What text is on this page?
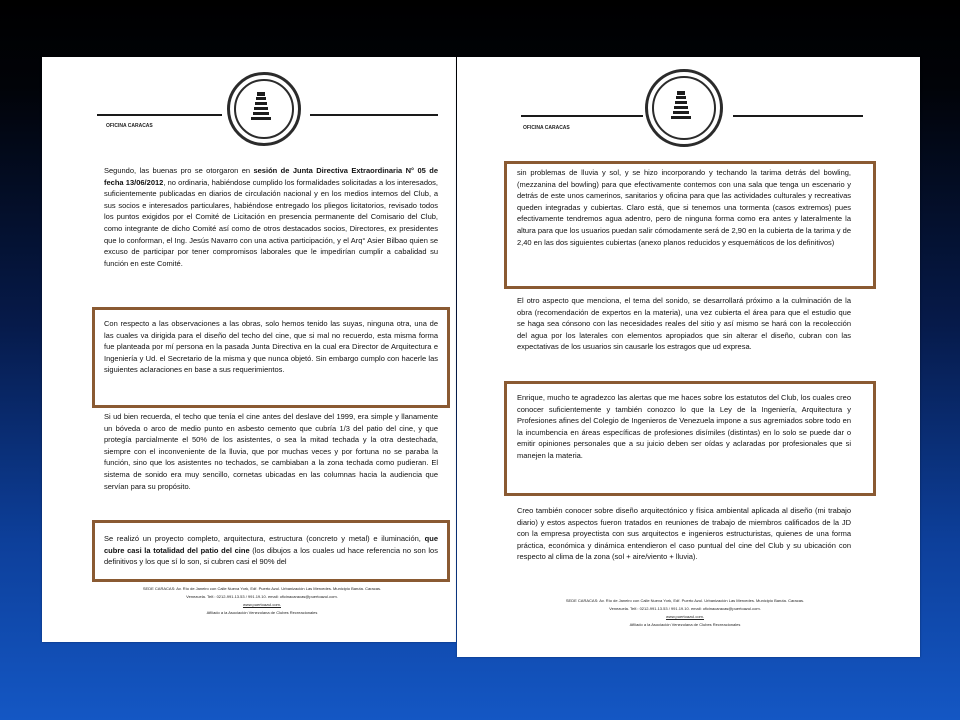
OFICINA CARACAS

Segundo, las buenas pro se otorgaron en sesión de Junta Directiva Extraordinaria N° 05 de fecha 13/06/2012, no ordinaria, habiéndose cumplido los formalidades solicitadas a los interesados, suficientemente publicadas en diarios de circulación nacional y en los medios internos del Club, a sus socios e interesados particulares, habiéndose entregado los pliegos licitatorios, revisado todos los puntos exigidos por el Comité de Licitación en presencia permanente del Comisario del Club, como integrante de dicho Comité así como de otros destacados socios, Directores, ex presidentes que lo conforman, el Ing. Jesús Navarro con una activa participación, y el Arq° Asier Bilbao quien se excuso de participar por tener compromisos laborales que le impedirían cumplir a cabalidad su función en este Comité.

Con respecto a las observaciones a las obras, solo hemos tenido las suyas, ninguna otra, una de las cuales va dirigida para el diseño del techo del cine, que si mal no recuerdo, esta misma forma fue planteada por mí persona en la pasada Junta Directiva en la cual era Director de Arquitectura e Ingeniería y Ud. el Secretario de la misma y que nunca objetó. Sin embargo cumplo con hacerle las siguientes aclaraciones en base a sus requerimientos.

Si ud bien recuerda, el techo que tenía el cine antes del deslave del 1999, era simple y llanamente un bóveda o arco de medio punto en asbesto cemento que cubría 1/3 del patio del cine, y que protegía parcialmente el 50% de los asistentes, o sea la mitad techada y la otra destechada, siempre con el inconveniente de la lluvia, que por muchas veces y por fortuna no se paraba la función, sino que los asistentes no techados, se cambiaban a la zona techada como pudieran. El sistema de sonido era muy sencillo, cornetas ubicadas en las columnas hacia la audiencia que servían para su propósito.

Se realizó un proyecto completo, arquitectura, estructura (concreto y metal) e iluminación, que cubre casi la totalidad del patio del cine (los dibujos a los cuales ud hace referencia no son los definitivos y los que sí lo son, si cubren casi el 90% del

SEDE CARACAS: Av. Río de Janeiro con Calle Nueva York, Edf. Puerto Azul. Urbanización Las Mercedes. Municipio Baruta. Caracas.
Venezuela. Telf.: 0212-991.13.53 / 991.19.10. email: oficinacaracas@puertoazul.com.
www.puertoazul.com.
Afiliado a la Asociación Venezolana de Clubes Recreacionales
OFICINA CARACAS

sin problemas de lluvia y sol, y se hizo incorporando y techando la tarima detrás del bowling, (mezzanina del bowling) para que efectivamente contemos con una sala que tenga un escenario y detrás de este unos camerinos, sanitarios y oficina para que las actividades culturales y recreativas queden integradas y cubiertas. Claro está, que si tenemos una tormenta (casos extremos) pues efectivamente tendremos agua adentro, pero de ninguna forma como era antes y lateralmente la altura para que los usuarios puedan salir cómodamente será de 2,90 en la cubierta de la tarima y de 2,40 en las dos siguientes cubiertas (anexo planos reducidos y esquemáticos de los definitivos)

El otro aspecto que menciona, el tema del sonido, se desarrollará próximo a la culminación de la obra (recomendación de expertos en la materia), una vez cubierta el área para que el estudio que se haga sea cónsono con las necesidades reales del sitio y así mismo se hará con la recolección del agua por los laterales con elementos apropiados que sin alterar el diseño, cubran con las expectativas de los usuarios sin causarle los estragos que ud expresa.

Enrique, mucho te agradezco las alertas que me haces sobre los estatutos del Club, los cuales creo conocer suficientemente y también conozco lo que la Ley de la Ingeniería, Arquitectura y Profesiones afines del Colegio de Ingenieros de Venezuela impone a sus agremiados sobre todo en la incumbencia en áreas específicas de profesiones disímiles (distintas) en lo solo se puede dar o emitir opiniones personales que a su juicio deben ser oídas y aclaradas por profesionales que si manejen la materia.

Creo también conocer sobre diseño arquitectónico y física ambiental aplicada al diseño (mi trabajo diario) y estos aspectos fueron tratados en reuniones de trabajo de miembros calificados de la JD con la empresa proyectista con sus arquitectos e ingenieros estructuristas, quienes de una forma práctica, económica y dinámica entendieron el caso puntual del cine del Club y su ubicación con respecto al clima de la zona (sol + aire/viento + lluvia).

SEDE CARACAS: Av. Río de Janeiro con Calle Nueva York, Edf. Puerto Azul. Urbanización Las Mercedes. Municipio Baruta. Caracas.
Venezuela. Telf.: 0212-991.13.53 / 991.19.10. email: oficinacaracas@puertoazul.com.
www.puertoazul.com.
Afiliado a la Asociación Venezolana de Clubes Recreacionales
